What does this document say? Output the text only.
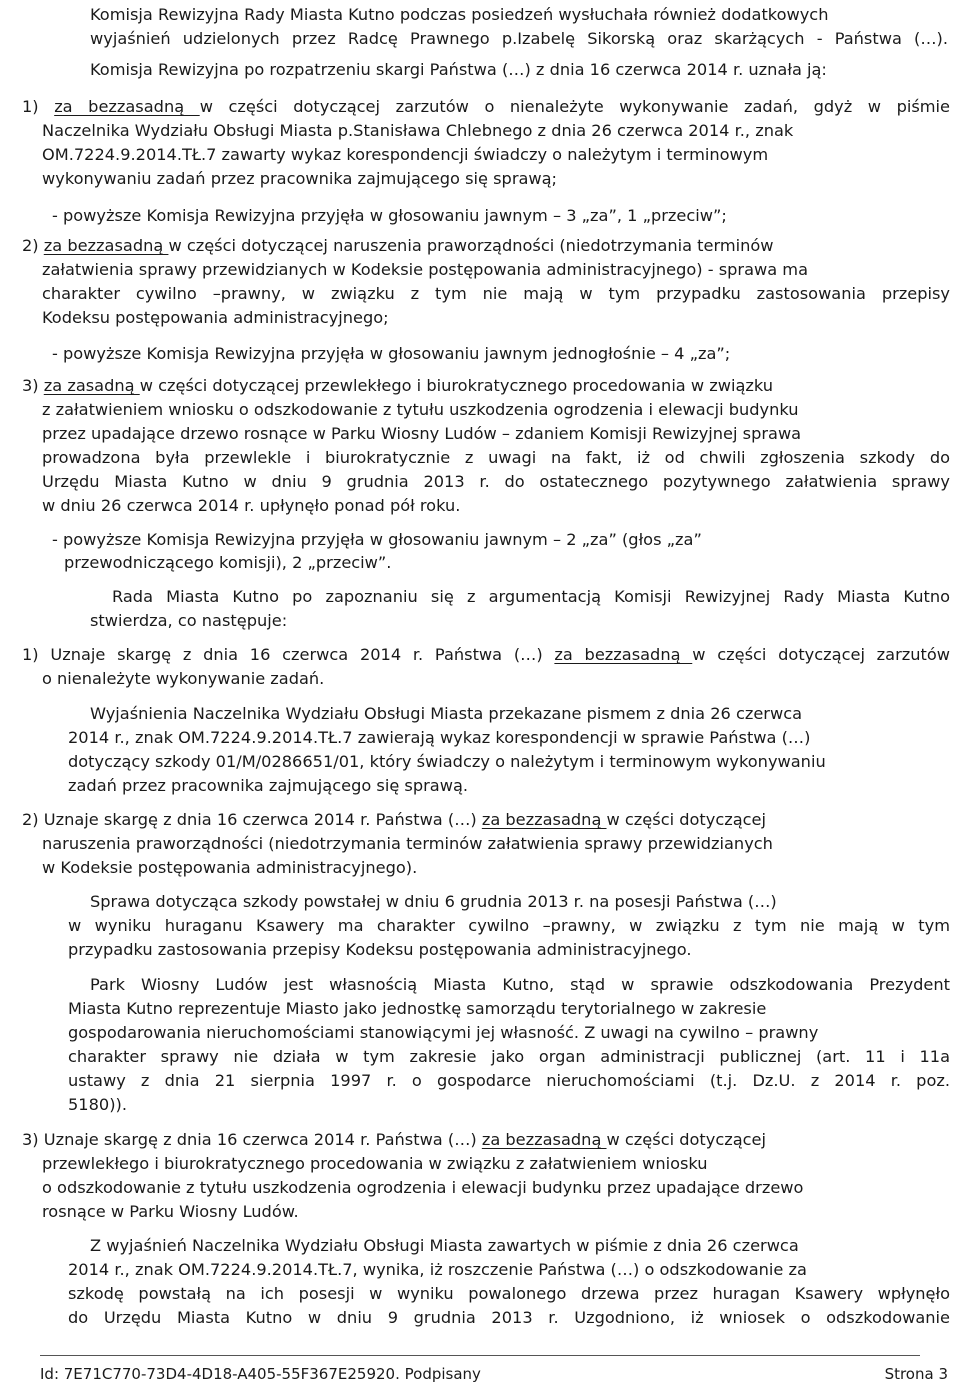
Komisja Rewizyjna Rady Miasta Kutno podczas posiedzeń wysłuchała również dodatkowych
wyjaśnień udzielonych przez Radcę Prawnego p.Izabelę Sikorską oraz skarżących - Państwa (…).
Komisja Rewizyjna po rozpatrzeniu skargi Państwa (…) z dnia 16 czerwca 2014 r. uznała ją:
1) za bezzasadną w części dotyczącej zarzutów o nienależyte wykonywanie zadań, gdyż w piśmie
Naczelnika Wydziału Obsługi Miasta p.Stanisława Chlebnego z dnia 26 czerwca 2014 r., znak
OM.7224.9.2014.TŁ.7 zawarty wykaz korespondencji świadczy o należytym i terminowym
wykonywaniu zadań przez pracownika zajmującego się sprawą;
- powyższe Komisja Rewizyjna przyjęła w głosowaniu jawnym – 3 „za”, 1 „przeciw”;
2) za bezzasadną w części dotyczącej naruszenia praworządności (niedotrzymania terminów
załatwienia sprawy przewidzianych w Kodeksie postępowania administracyjnego) - sprawa ma
charakter cywilno –prawny, w związku z tym nie mają w tym przypadku zastosowania przepisy
Kodeksu postępowania administracyjnego;
- powyższe Komisja Rewizyjna przyjęła w głosowaniu jawnym jednogłośnie – 4 „za”;
3) za zasadną w części dotyczącej przewlekłego i biurokratycznego procedowania w związku
z załatwieniem wniosku o odszkodowanie z tytułu uszkodzenia ogrodzenia i elewacji budynku
przez upadające drzewo rosnące w Parku Wiosny Ludów – zdaniem Komisji Rewizyjnej sprawa
prowadzona była przewlekle i biurokratycznie z uwagi na fakt, iż od chwili zgłoszenia szkody do
Urzędu Miasta Kutno w dniu 9 grudnia 2013 r. do ostatecznego pozytywnego załatwienia sprawy
w dniu 26 czerwca 2014 r. upłynęło ponad pół roku.
- powyższe Komisja Rewizyjna przyjęła w głosowaniu jawnym – 2 „za” (głos „za”
przewodniczącego komisji), 2 „przeciw”.
Rada Miasta Kutno po zapoznaniu się z argumentacją Komisji Rewizyjnej Rady Miasta Kutno
stwierdza, co następuje:
1) Uznaje skargę z dnia 16 czerwca 2014 r. Państwa (…) za bezzasadną w części dotyczącej zarzutów
o nienależyte wykonywanie zadań.
Wyjaśnienia Naczelnika Wydziału Obsługi Miasta przekazane pismem z dnia 26 czerwca
2014 r., znak OM.7224.9.2014.TŁ.7 zawierają wykaz korespondencji w sprawie Państwa (…)
dotyczący szkody 01/M/0286651/01, który świadczy o należytym i terminowym wykonywaniu
zadań przez pracownika zajmującego się sprawą.
2) Uznaje skargę z dnia 16 czerwca 2014 r. Państwa (…) za bezzasadną w części dotyczącej
naruszenia praworządności (niedotrzymania terminów załatwienia sprawy przewidzianych
w Kodeksie postępowania administracyjnego).
Sprawa dotycząca szkody powstałej w dniu 6 grudnia 2013 r. na posesji Państwa (…)
w wyniku huraganu Ksawery ma charakter cywilno –prawny, w związku z tym nie mają w tym
przypadku zastosowania przepisy Kodeksu postępowania administracyjnego.
Park Wiosny Ludów jest własnością Miasta Kutno, stąd w sprawie odszkodowania Prezydent
Miasta Kutno reprezentuje Miasto jako jednostkę samorządu terytorialnego w zakresie
gospodarowania nieruchomościami stanowiącymi jej własność. Z uwagi na cywilno – prawny
charakter sprawy nie działa w tym zakresie jako organ administracji publicznej (art. 11 i 11a
ustawy z dnia 21 sierpnia 1997 r. o gospodarce nieruchomościami (t.j. Dz.U. z 2014 r. poz.
5180)).
3) Uznaje skargę z dnia 16 czerwca 2014 r. Państwa (…) za bezzasadną w części dotyczącej
przewlekłego i biurokratycznego procedowania w związku z załatwieniem wniosku
o odszkodowanie z tytułu uszkodzenia ogrodzenia i elewacji budynku przez upadające drzewo
rosnące w Parku Wiosny Ludów.
Z wyjaśnień Naczelnika Wydziału Obsługi Miasta zawartych w piśmie z dnia 26 czerwca
2014 r., znak OM.7224.9.2014.TŁ.7, wynika, iż roszczenie Państwa (…) o odszkodowanie za
szkodę powstałą na ich posesji w wyniku powalonego drzewa przez huragan Ksawery wpłynęło
do Urzędu Miasta Kutno w dniu 9 grudnia 2013 r. Uzgodniono, iż wniosek o odszkodowanie
Id: 7E71C770-73D4-4D18-A405-55F367E25920. Podpisany	Strona 3
